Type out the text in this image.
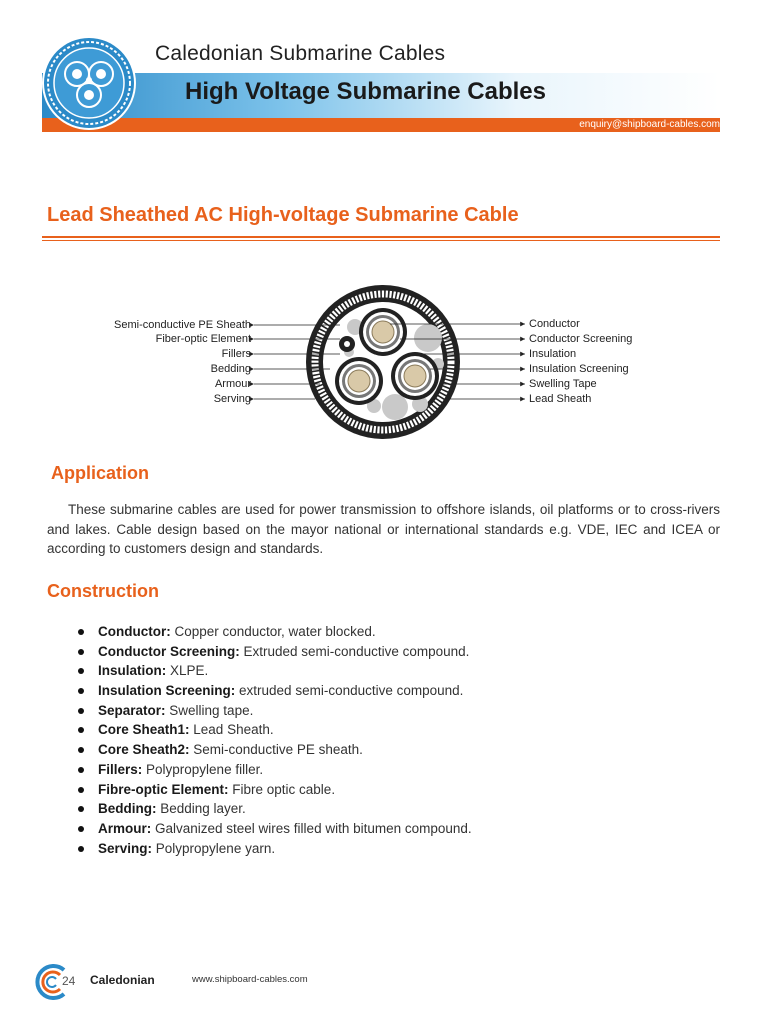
Caledonian Submarine Cables
High Voltage Submarine Cables
enquiry@shipboard-cables.com
Lead Sheathed AC High-voltage Submarine Cable
Semi-conductive PE Sheath
Fiber-optic Element
Fillers
Bedding
Armour
Serving
Conductor
Conductor Screening
Insulation
Insulation Screening
Swelling Tape
Lead Sheath
Application

These submarine cables are used for power transmission to offshore islands, oil platforms or to cross-rivers and lakes. Cable design based on the mayor national or international standards e.g. VDE, IEC and ICEA or according to customers design and standards.

Construction
Conductor: Copper conductor, water blocked.
Conductor Screening: Extruded semi-conductive compound.
Insulation: XLPE.
Insulation Screening: extruded semi-conductive compound.
Separator: Swelling tape.
Core Sheath1: Lead Sheath.
Core Sheath2: Semi-conductive PE sheath.
Fillers: Polypropylene filler.
Fibre-optic Element: Fibre optic cable.
Bedding: Bedding layer.
Armour: Galvanized steel wires filled with bitumen compound.
Serving: Polypropylene yarn.
24 Caledonian	www.shipboard-cables.com
